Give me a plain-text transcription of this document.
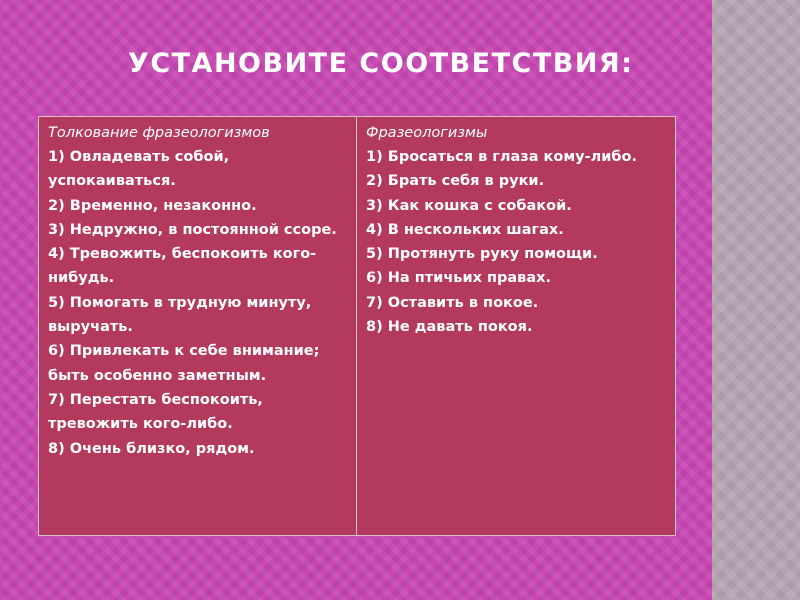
УСТАНОВИТЕ СООТВЕТСТВИЯ:
Толкование фразеологизмов
1) Овладевать собой, успокаиваться.
2) Временно, незаконно.
3) Недружно, в постоянной ссоре.
4) Тревожить, беспокоить кого-нибудь.
5) Помогать в трудную минуту, выручать.
6) Привлекать к себе внимание; быть особенно заметным.
7) Перестать беспокоить, тревожить кого-либо.
8) Очень близко, рядом.
Фразеологизмы
1) Бросаться в глаза кому-либо.
2) Брать себя в руки.
3) Как кошка с собакой.
4) В нескольких шагах.
5) Протянуть руку помощи.
6) На птичьих правах.
7) Оставить в покое.
8) Не давать покоя.
